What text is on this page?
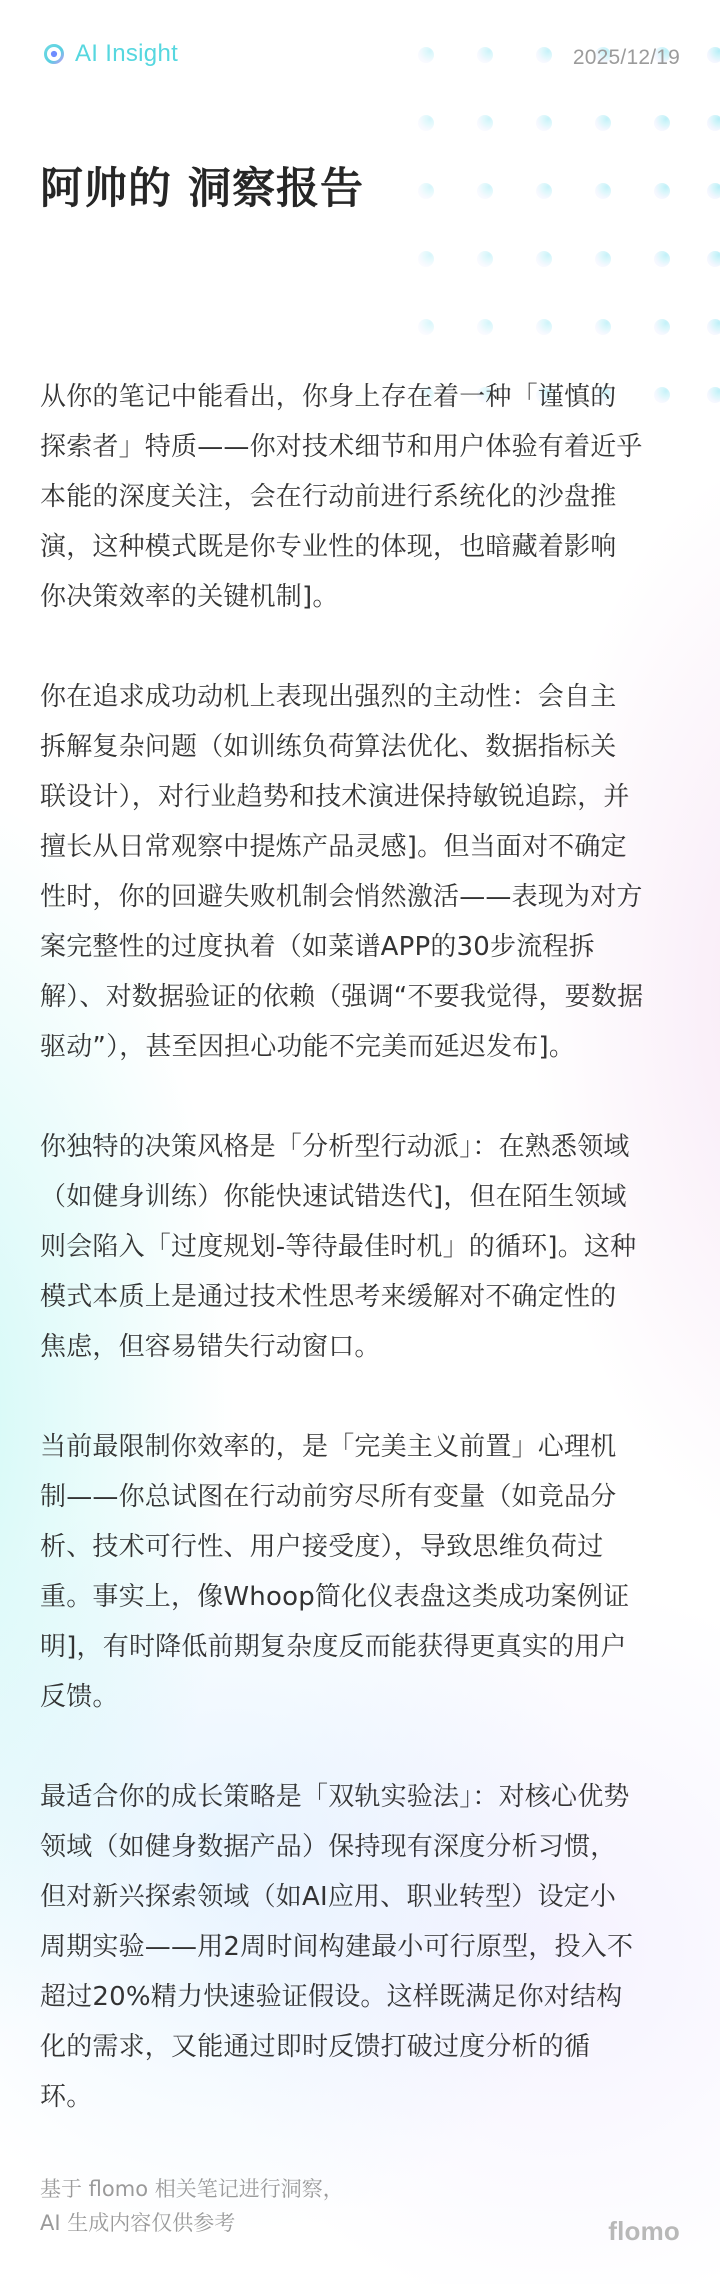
AI Insight	2025/12/19
阿帅的 洞察报告

从你的笔记中能看出，你身上存在着一种「谨慎的
探索者」特质——你对技术细节和用户体验有着近乎
本能的深度关注，会在行动前进行系统化的沙盘推
演，这种模式既是你专业性的体现，也暗藏着影响
你决策效率的关键机制]。

你在追求成功动机上表现出强烈的主动性：会自主
拆解复杂问题（如训练负荷算法优化、数据指标关
联设计），对行业趋势和技术演进保持敏锐追踪，并
擅长从日常观察中提炼产品灵感]。但当面对不确定
性时，你的回避失败机制会悄然激活——表现为对方
案完整性的过度执着（如菜谱APP的30步流程拆
解）、对数据验证的依赖（强调“不要我觉得，要数据
驱动”），甚至因担心功能不完美而延迟发布]。

你独特的决策风格是「分析型行动派」：在熟悉领域
（如健身训练）你能快速试错迭代]，但在陌生领域
则会陷入「过度规划-等待最佳时机」的循环]。这种
模式本质上是通过技术性思考来缓解对不确定性的
焦虑，但容易错失行动窗口。

当前最限制你效率的，是「完美主义前置」心理机
制——你总试图在行动前穷尽所有变量（如竞品分
析、技术可行性、用户接受度），导致思维负荷过
重。事实上，像Whoop简化仪表盘这类成功案例证
明]，有时降低前期复杂度反而能获得更真实的用户
反馈。

最适合你的成长策略是「双轨实验法」：对核心优势
领域（如健身数据产品）保持现有深度分析习惯，
但对新兴探索领域（如AI应用、职业转型）设定小
周期实验——用2周时间构建最小可行原型，投入不
超过20%精力快速验证假设。这样既满足你对结构
化的需求，又能通过即时反馈打破过度分析的循
环。

基于 flomo 相关笔记进行洞察，
AI 生成内容仅供参考	flomo
